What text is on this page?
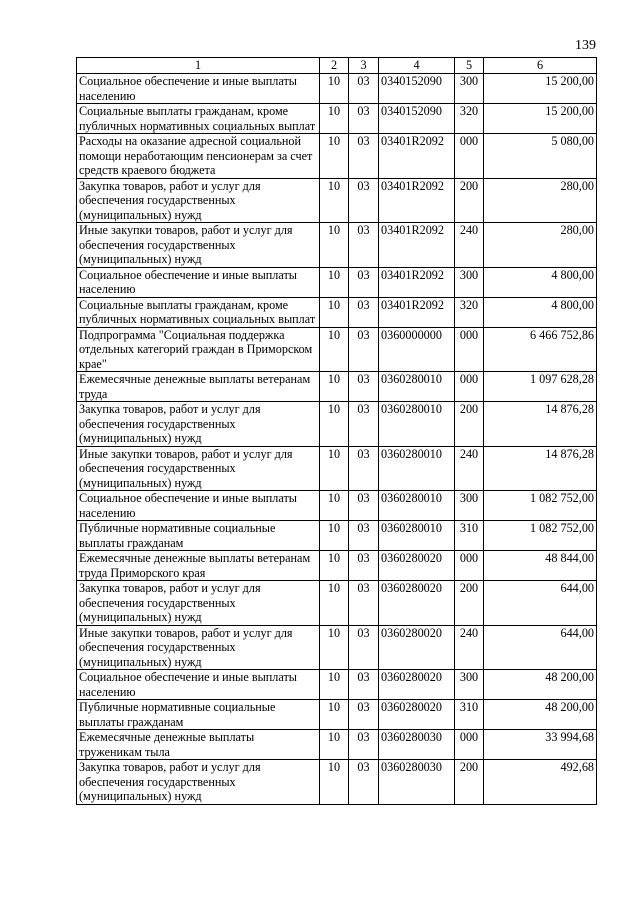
139
1	2	3	4	5	6
Социальное обеспечение и иные выплаты населению	10	03	0340152090	300	15 200,00
Социальные выплаты гражданам, кроме публичных нормативных социальных выплат	10	03	0340152090	320	15 200,00
Расходы на оказание адресной социальной помощи неработающим пенсионерам за счет средств краевого бюджета	10	03	03401R2092	000	5 080,00
Закупка товаров, работ и услуг для обеспечения государственных (муниципальных) нужд	10	03	03401R2092	200	280,00
Иные закупки товаров, работ и услуг для обеспечения государственных (муниципальных) нужд	10	03	03401R2092	240	280,00
Социальное обеспечение и иные выплаты населению	10	03	03401R2092	300	4 800,00
Социальные выплаты гражданам, кроме публичных нормативных социальных выплат	10	03	03401R2092	320	4 800,00
Подпрограмма "Социальная поддержка отдельных категорий граждан в Приморском крае"	10	03	0360000000	000	6 466 752,86
Ежемесячные денежные выплаты ветеранам труда	10	03	0360280010	000	1 097 628,28
Закупка товаров, работ и услуг для обеспечения государственных (муниципальных) нужд	10	03	0360280010	200	14 876,28
Иные закупки товаров, работ и услуг для обеспечения государственных (муниципальных) нужд	10	03	0360280010	240	14 876,28
Социальное обеспечение и иные выплаты населению	10	03	0360280010	300	1 082 752,00
Публичные нормативные социальные выплаты гражданам	10	03	0360280010	310	1 082 752,00
Ежемесячные денежные выплаты ветеранам труда Приморского края	10	03	0360280020	000	48 844,00
Закупка товаров, работ и услуг для обеспечения государственных (муниципальных) нужд	10	03	0360280020	200	644,00
Иные закупки товаров, работ и услуг для обеспечения государственных (муниципальных) нужд	10	03	0360280020	240	644,00
Социальное обеспечение и иные выплаты населению	10	03	0360280020	300	48 200,00
Публичные нормативные социальные выплаты гражданам	10	03	0360280020	310	48 200,00
Ежемесячные денежные выплаты труженикам тыла	10	03	0360280030	000	33 994,68
Закупка товаров, работ и услуг для обеспечения государственных (муниципальных) нужд	10	03	0360280030	200	492,68
